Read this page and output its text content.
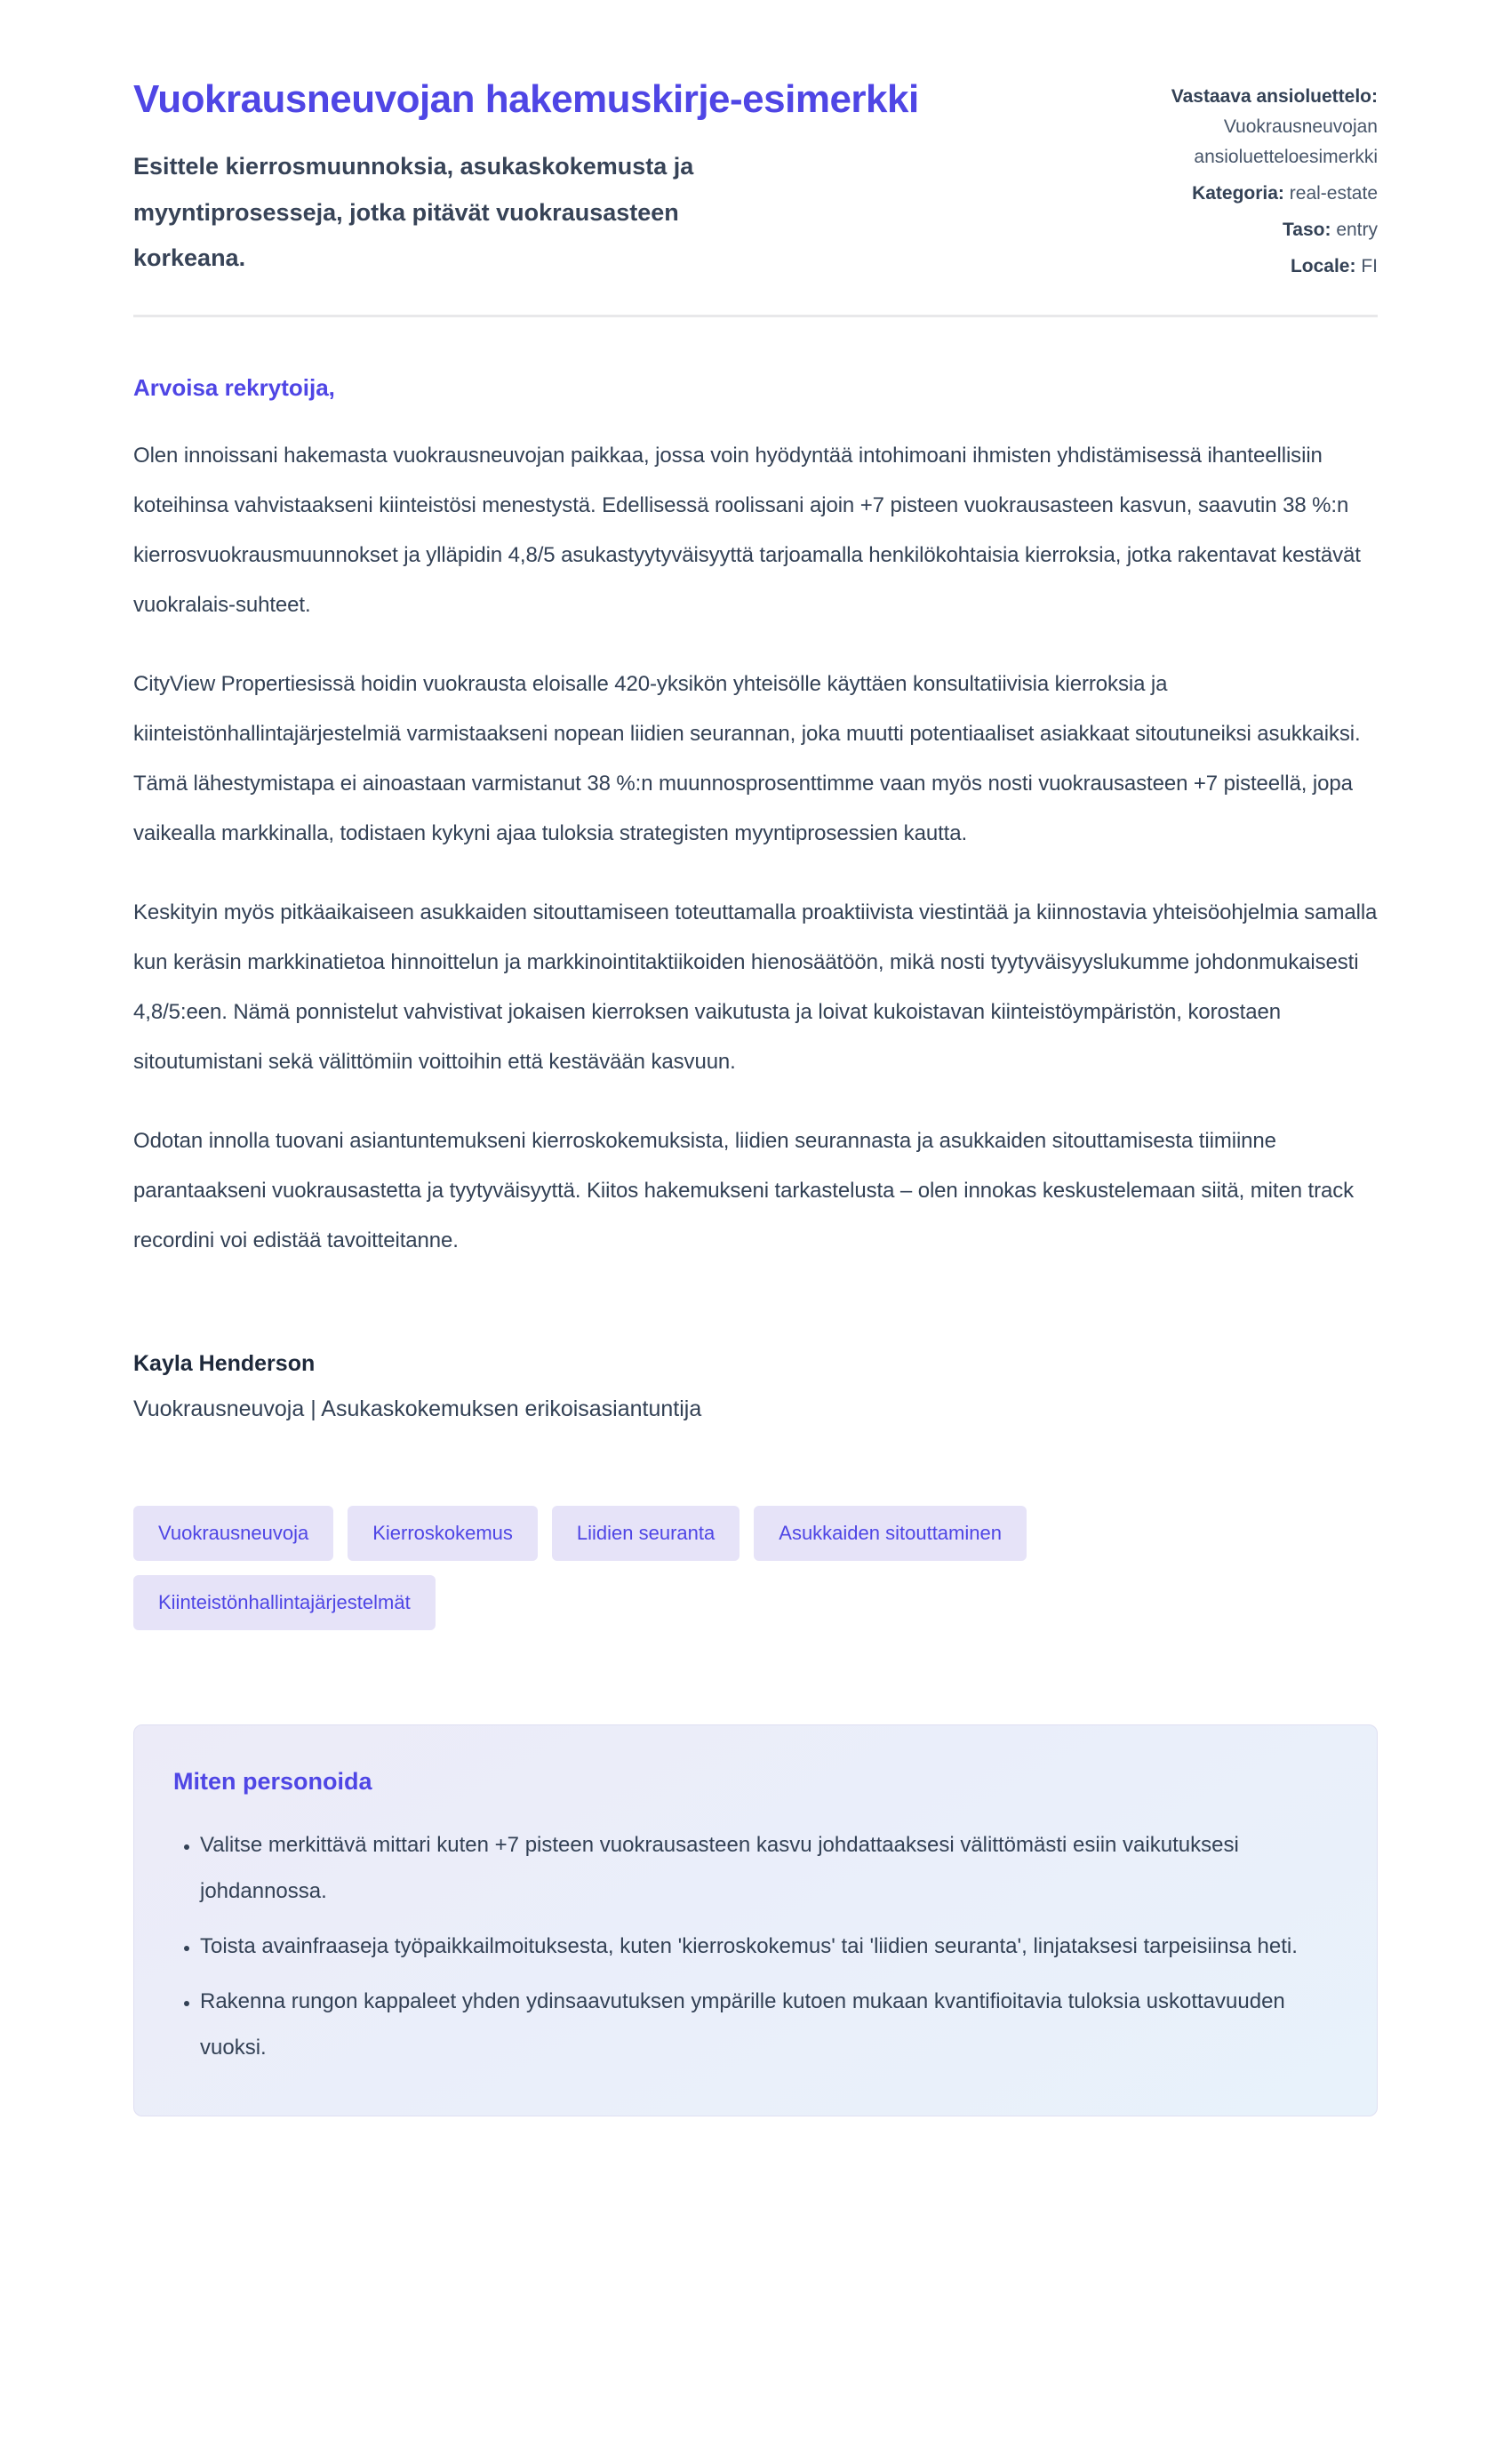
Vuokrausneuvojan hakemuskirje-esimerkki

Esittele kierrosmuunnoksia, asukaskokemusta ja myyntiprosesseja, jotka pitävät vuokrausasteen korkeana.

Vastaava ansioluettelo: Vuokrausneuvojan ansioluetteloesimerkki
Kategoria: real-estate
Taso: entry
Locale: FI

Arvoisa rekrytoija,

Olen innoissani hakemasta vuokrausneuvojan paikkaa, jossa voin hyödyntää intohimoani ihmisten yhdistämisessä ihanteellisiin koteihinsa vahvistaakseni kiinteistösi menestystä. Edellisessä roolissani ajoin +7 pisteen vuokrausasteen kasvun, saavutin 38 %:n kierrosvuokrausmuunnokset ja ylläpidin 4,8/5 asukastyytyväisyyttä tarjoamalla henkilökohtaisia kierroksia, jotka rakentavat kestävät vuokralais-suhteet.

CityView Propertiesissä hoidin vuokrausta eloisalle 420-yksikön yhteisölle käyttäen konsultatiivisia kierroksia ja kiinteistönhallintajärjestelmiä varmistaakseni nopean liidien seurannan, joka muutti potentiaaliset asiakkaat sitoutuneiksi asukkaiksi. Tämä lähestymistapa ei ainoastaan varmistanut 38 %:n muunnosprosenttimme vaan myös nosti vuokrausasteen +7 pisteellä, jopa vaikealla markkinalla, todistaen kykyni ajaa tuloksia strategisten myyntiprosessien kautta.

Keskityin myös pitkäaikaiseen asukkaiden sitouttamiseen toteuttamalla proaktiivista viestintää ja kiinnostavia yhteisöohjelmia samalla kun keräsin markkinatietoa hinnoittelun ja markkinointitaktiikoiden hienosäätöön, mikä nosti tyytyväisyyslukumme johdonmukaisesti 4,8/5:een. Nämä ponnistelut vahvistivat jokaisen kierroksen vaikutusta ja loivat kukoistavan kiinteistöympäristön, korostaen sitoutumistani sekä välittömiin voittoihin että kestävään kasvuun.

Odotan innolla tuovani asiantuntemukseni kierroskokemuksista, liidien seurannasta ja asukkaiden sitouttamisesta tiimiinne parantaakseni vuokrausastetta ja tyytyväisyyttä. Kiitos hakemukseni tarkastelusta – olen innokas keskustelemaan siitä, miten track recordini voi edistää tavoitteitanne.

Kayla Henderson

Vuokrausneuvoja | Asukaskokemuksen erikoisasiantuntija

Vuokrausneuvoja	Kierroskokemus	Liidien seuranta	Asukkaiden sitouttaminen
Kiinteistönhallintajärjestelmät
Miten personoida
• Valitse merkittävä mittari kuten +7 pisteen vuokrausasteen kasvu johdattaaksesi välittömästi esiin vaikutuksesi johdannossa.
• Toista avainfraaseja työpaikkailmoituksesta, kuten 'kierroskokemus' tai 'liidien seuranta', linjataksesi tarpeisiinsa heti.
• Rakenna rungon kappaleet yhden ydinsaavutuksen ympärille kutoen mukaan kvantifioitavia tuloksia uskottavuuden vuoksi.
